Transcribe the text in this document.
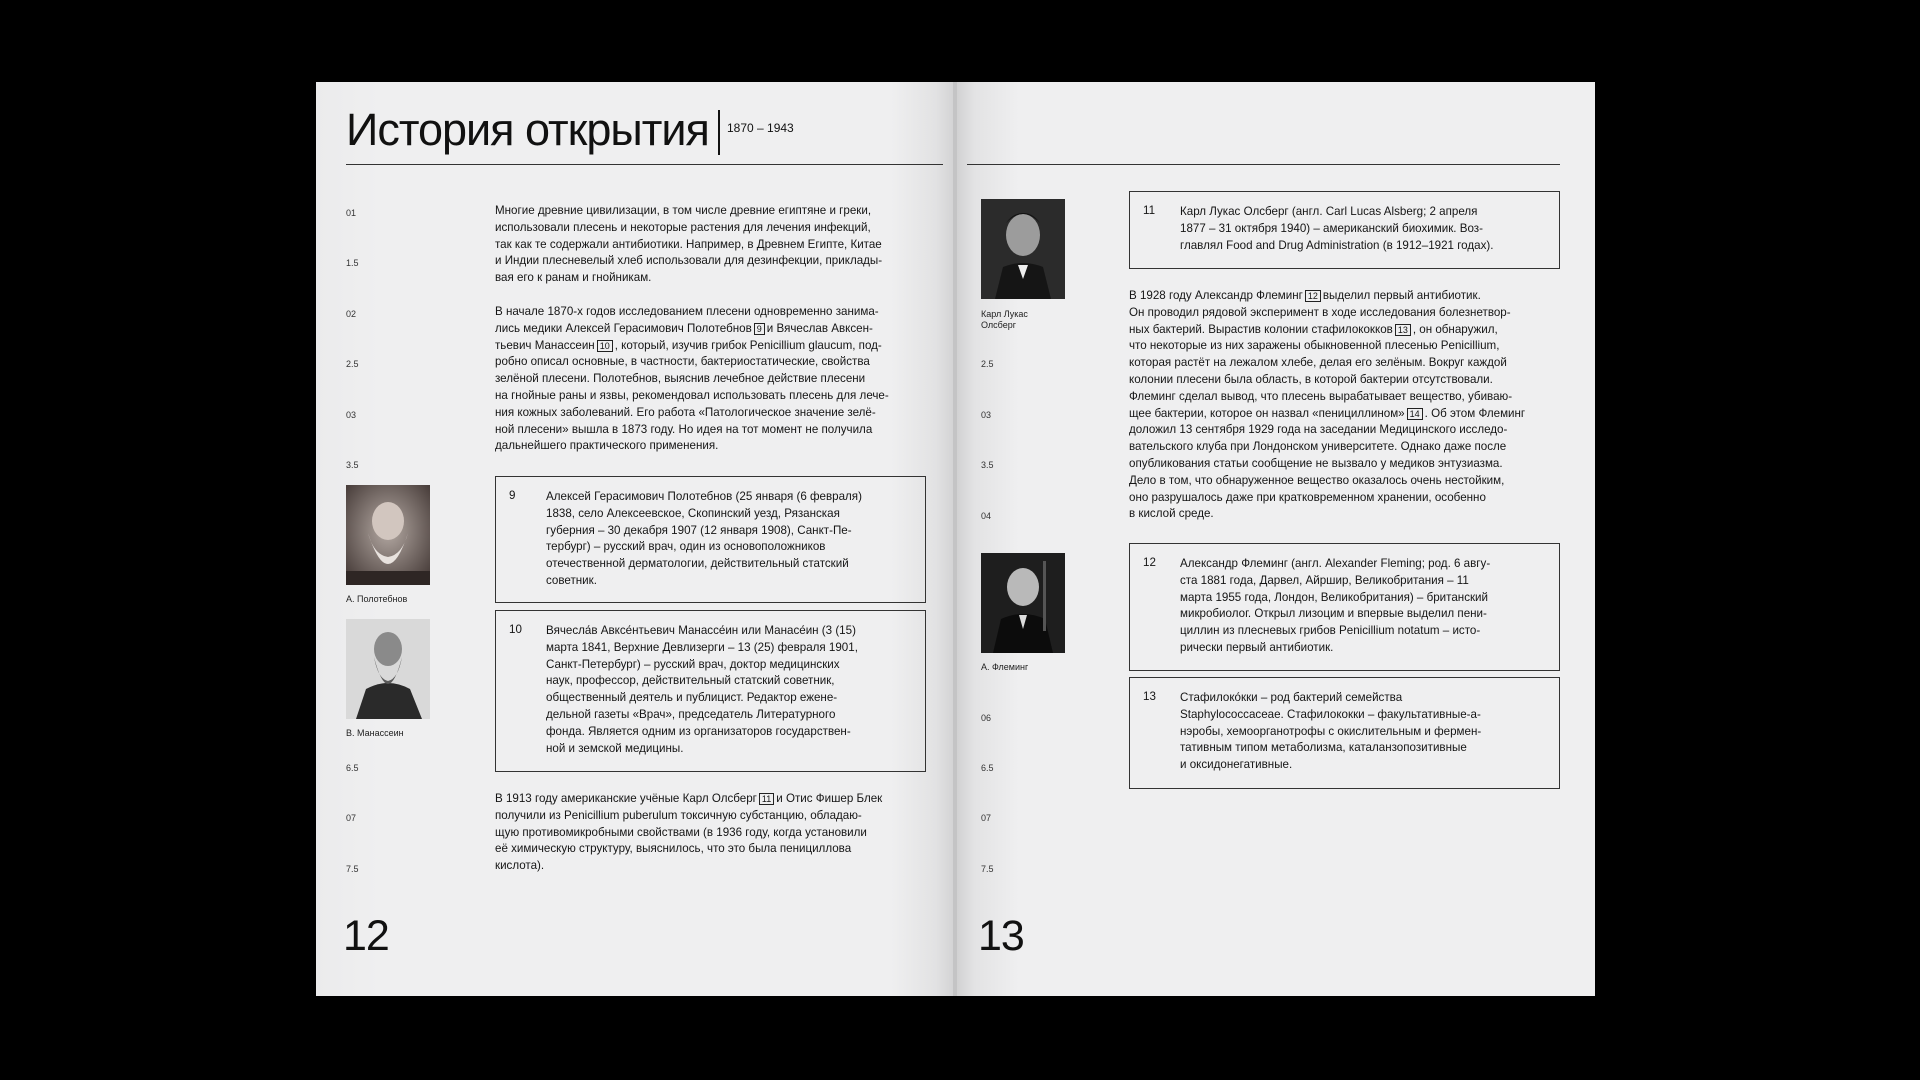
История открытия 1870 – 1943
01
1.5
02
2.5
03
3.5
6.5
07
7.5
Многие древние цивилизации, в том числе древние египтяне и греки,
использовали плесень и некоторые растения для лечения инфекций,
так как те содержали антибиотики. Например, в Древнем Египте, Китае
и Индии плесневелый хлеб использовали для дезинфекции, приклады-
вая его к ранам и гнойникам.
В начале 1870-х годов исследованием плесени одновременно занима-
лись медики Алексей Герасимович Полотебнов 9 и Вячеслав Авксен-
тьевич Манассеин 10 , который, изучив грибок Penicillium glaucum, под-
робно описал основные, в частности, бактериостатические, свойства
зелёной плесени. Полотебнов, выяснив лечебное действие плесени
на гнойные раны и язвы, рекомендовал использовать плесень для лече-
ния кожных заболеваний. Его работа «Патологическое значение зелё-
ной плесени» вышла в 1873 году. Но идея на тот момент не получила
дальнейшего практического применения.
9	Алексей Герасимович Полотебнов (25 января (6 февраля)
1838, село Алексеевское, Скопинский уезд, Рязанская
губерния – 30 декабря 1907 (12 января 1908), Санкт-Пе-
тербург) – русский врач, один из основоположников
отечественной дерматологии, действительный статский
советник.
10 Вячесла́в Авксе́нтьевич Манассе́ин или Манасе́ин (3 (15)
марта 1841, Верхние Девлизерги – 13 (25) февраля 1901,
Санкт-Петербург) – русский врач, доктор медицинских
наук, профессор, действительный статский советник,
общественный деятель и публицист. Редактор еженe-
дельной газеты «Врач», председатель Литературного
фонда. Является одним из организаторов государствен-
ной и земской медицины.
В 1913 году американские учёные Карл Олсберг 11 и Отис Фишер Блек
получили из Penicillium puberulum токсичную субстанцию, обладаю-
щую противомикробными свойствами (в 1936 году, когда установили
её химическую структуру, выяснилось, что это была пенициллова
кислота).
А. Полотебнов
В. Манассеин
12
Карл Лукас
Олсберг
А. Флеминг
2.5
03
3.5
04
06
6.5
07
7.5
11 Карл Лукас Олсберг (англ. Carl Lucas Alsberg; 2 апреля
1877 – 31 октября 1940) – американский биохимик. Воз-
главлял Food and Drug Administration (в 1912–1921 годах).
В 1928 году Александр Флеминг 12 выделил первый антибиотик.
Он проводил рядовой эксперимент в ходе исследования болезнетвор-
ных бактерий. Вырастив колонии стафилококков 13 , он обнаружил,
что некоторые из них заражены обыкновенной плесенью Penicillium,
которая растёт на лежалом хлебе, делая его зелёным. Вокруг каждой
колонии плесени была область, в которой бактерии отсутствовали.
Флеминг сделал вывод, что плесень вырабатывает вещество, убиваю-
щее бактерии, которое он назвал «пенициллином» 14 . Об этом Флеминг
доложил 13 сентября 1929 года на заседании Медицинского исследо-
вательского клуба при Лондонском университете. Однако даже после
опубликования статьи сообщение не вызвало у медиков энтузиазма.
Дело в том, что обнаруженное вещество оказалось очень нестойким,
оно разрушалось даже при кратковременном хранении, особенно
в кислой среде.
12 Александр Флеминг (англ. Alexander Fleming; род. 6 авгу-
ста 1881 года, Дарвел, Айршир, Великобритания – 11
марта 1955 года, Лондон, Великобритания) – британский
микробиолог. Открыл лизоцим и впервые выделил пени-
циллин из плесневых грибов Penicillium notatum – исто-
рически первый антибиотик.
13 Стафилоко́кки – род бактерий семейства
Staphylococcaceae. Стафилококки – факультативные-а-
нэробы, хемоорганотрофы с окислительным и фермен-
тативным типом метаболизма, каталанзопозитивные
и оксидонегативные.
13
